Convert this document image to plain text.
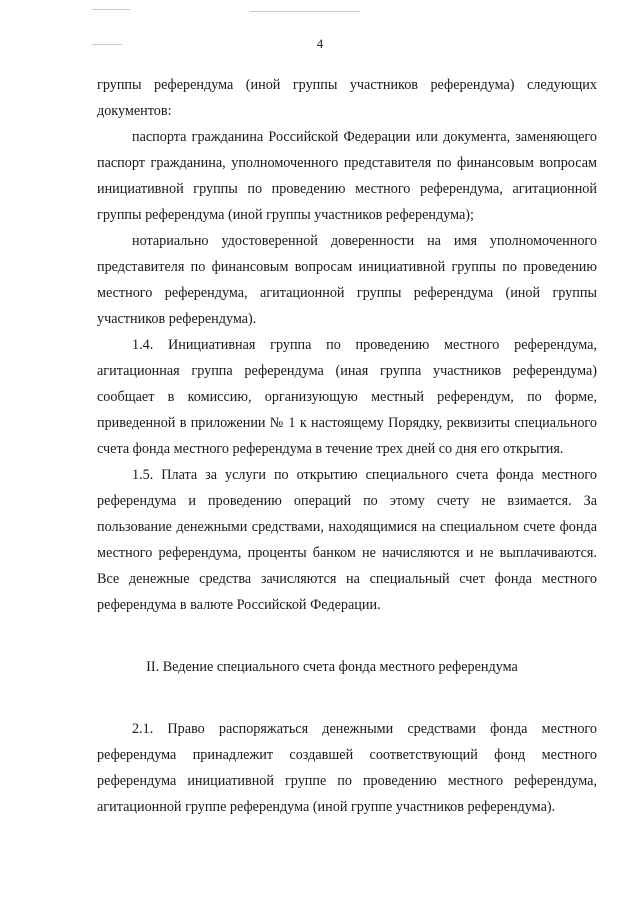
4

группы референдума (иной группы участников референдума) следующих документов:

паспорта гражданина Российской Федерации или документа, заменяющего паспорт гражданина, уполномоченного представителя по финансовым вопросам инициативной группы по проведению местного референдума, агитационной группы референдума (иной группы участников референдума);

нотариально удостоверенной доверенности на имя уполномоченного представителя по финансовым вопросам инициативной группы по проведению местного референдума, агитационной группы референдума (иной группы участников референдума).

1.4. Инициативная группа по проведению местного референдума, агитационная группа референдума (иная группа участников референдума) сообщает в комиссию, организующую местный референдум, по форме, приведенной в приложении № 1 к настоящему Порядку, реквизиты специального счета фонда местного референдума в течение трех дней со дня его открытия.

1.5. Плата за услуги по открытию специального счета фонда местного референдума и проведению операций по этому счету не взимается. За пользование денежными средствами, находящимися на специальном счете фонда местного референдума, проценты банком не начисляются и не выплачиваются. Все денежные средства зачисляются на специальный счет фонда местного референдума в валюте Российской Федерации.

II. Ведение специального счета фонда местного референдума

2.1. Право распоряжаться денежными средствами фонда местного референдума принадлежит создавшей соответствующий фонд местного референдума инициативной группе по проведению местного референдума, агитационной группе референдума (иной группе участников референдума).
